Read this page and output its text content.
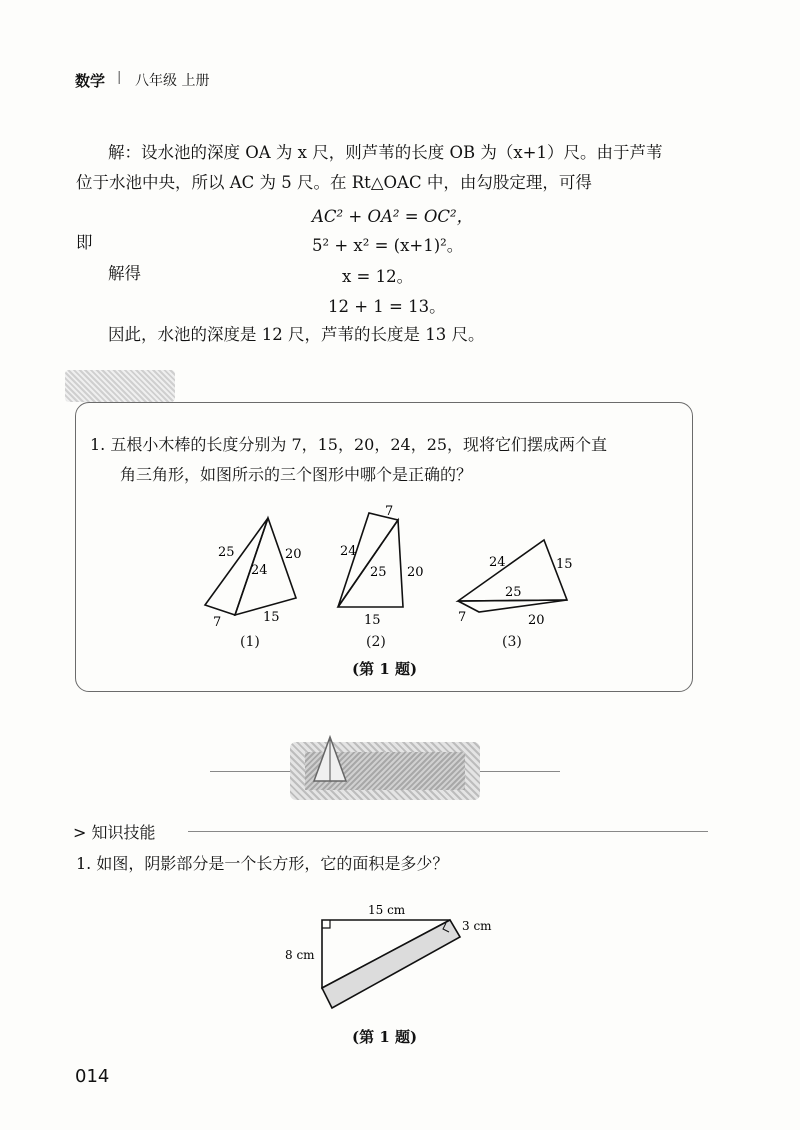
数学 | 八年级 上册
解：设水池的深度 OA 为 x 尺，则芦苇的长度 OB 为（x+1）尺。由于芦苇
位于水池中央，所以 AC 为 5 尺。在 Rt△OAC 中，由勾股定理，可得
AC² + OA² = OC²，
即	5² + x² = (x+1)²。
解得	x = 12。
12 + 1 = 13。
因此，水池的深度是 12 尺，芦苇的长度是 13 尺。
1. 五根小木棒的长度分别为 7，15，20，24，25，现将它们摆成两个直
角三角形，如图所示的三个图形中哪个是正确的？
25
24
20
7	15
7
24
25 20
15
24	15
25
7	20
(1)	(2)	(3)
(第 1 题)
> 知识技能
1. 如图，阴影部分是一个长方形，它的面积是多少？
15 cm
3 cm
8 cm
(第 1 题)
014
